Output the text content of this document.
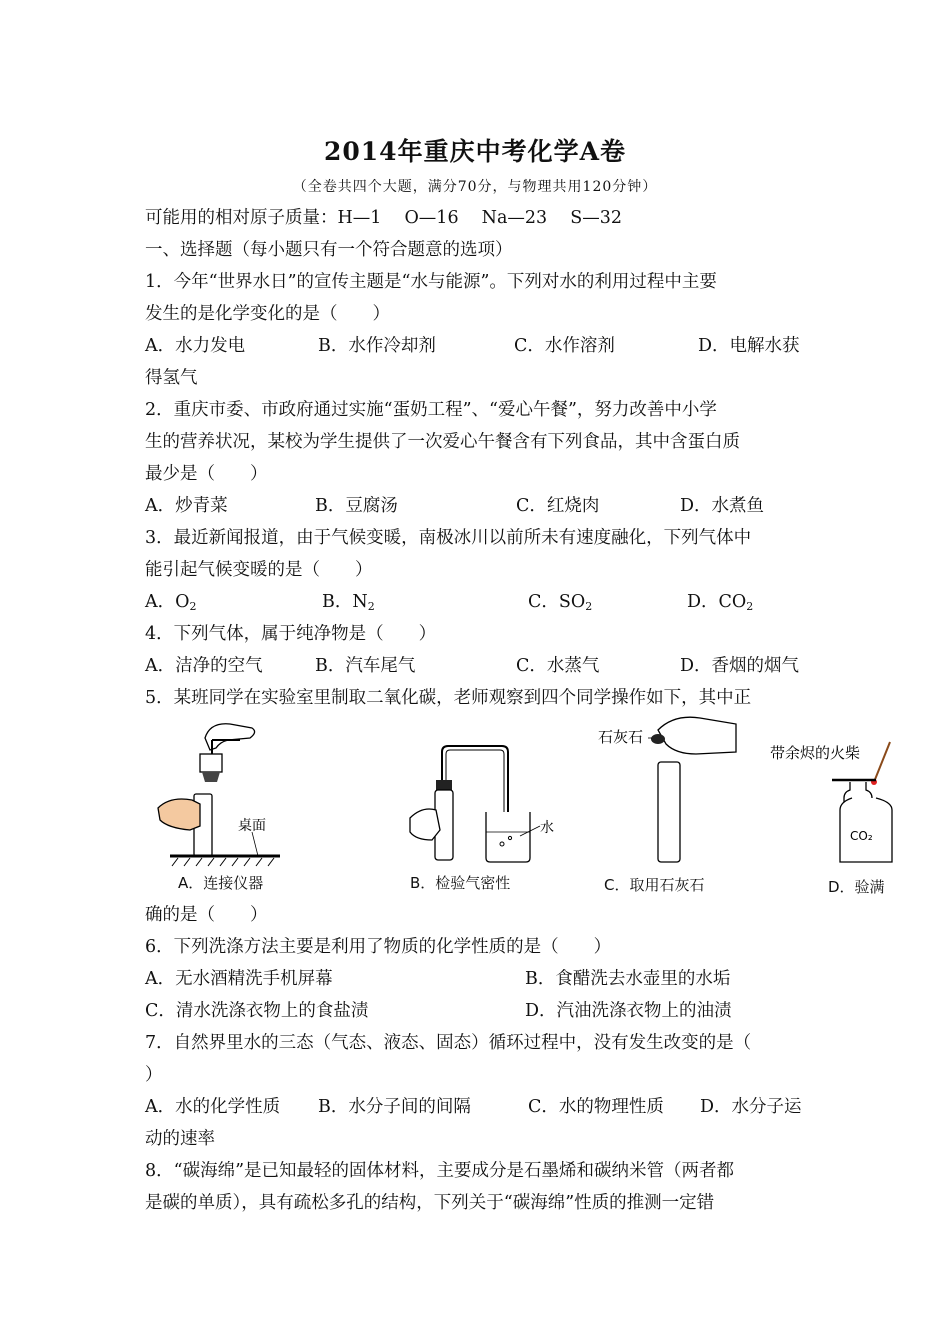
2014年重庆中考化学A卷
（全卷共四个大题，满分70分，与物理共用120分钟）
可能用的相对原子质量：H—1　 O—16　 Na—23　 S—32
一、选择题（每小题只有一个符合题意的选项）
1．今年“世界水日”的宣传主题是“水与能源”。下列对水的利用过程中主要
发生的是化学变化的是（　　）
A．水力发电	B．水作冷却剂	C．水作溶剂	D．电解水获
得氢气
2．重庆市委、市政府通过实施“蛋奶工程”、“爱心午餐”，努力改善中小学
生的营养状况，某校为学生提供了一次爱心午餐含有下列食品，其中含蛋白质
最少是（　　）
A．炒青菜	B．豆腐汤	C．红烧肉	D．水煮鱼
3．最近新闻报道，由于气候变暖，南极冰川以前所未有速度融化，下列气体中
能引起气候变暖的是（　　）
A．$O_2$	B．$N_2$	C．$SO_2$	D．$CO_2$
4．下列气体，属于纯净物是（　　）
A．洁净的空气	B．汽车尾气	C．水蒸气	D．香烟的烟气
5．某班同学在实验室里制取二氧化碳，老师观察到四个同学操作如下，其中正
桌面
A．连接仪器
水
B．检验气密性
石灰石
C．取用石灰石
带余烬的火柴
CO₂
D．验满
确的是（　　）
6．下列洗涤方法主要是利用了物质的化学性质的是（　　）
A．无水酒精洗手机屏幕	B．食醋洗去水壶里的水垢
C．清水洗涤衣物上的食盐渍	D．汽油洗涤衣物上的油渍
7．自然界里水的三态（气态、液态、固态）循环过程中，没有发生改变的是（
）
A．水的化学性质 B．水分子间的间隔	C．水的物理性质 D．水分子运
动的速率
8．“碳海绵”是已知最轻的固体材料，主要成分是石墨烯和碳纳米管（两者都
是碳的单质），具有疏松多孔的结构，下列关于“碳海绵”性质的推测一定错
